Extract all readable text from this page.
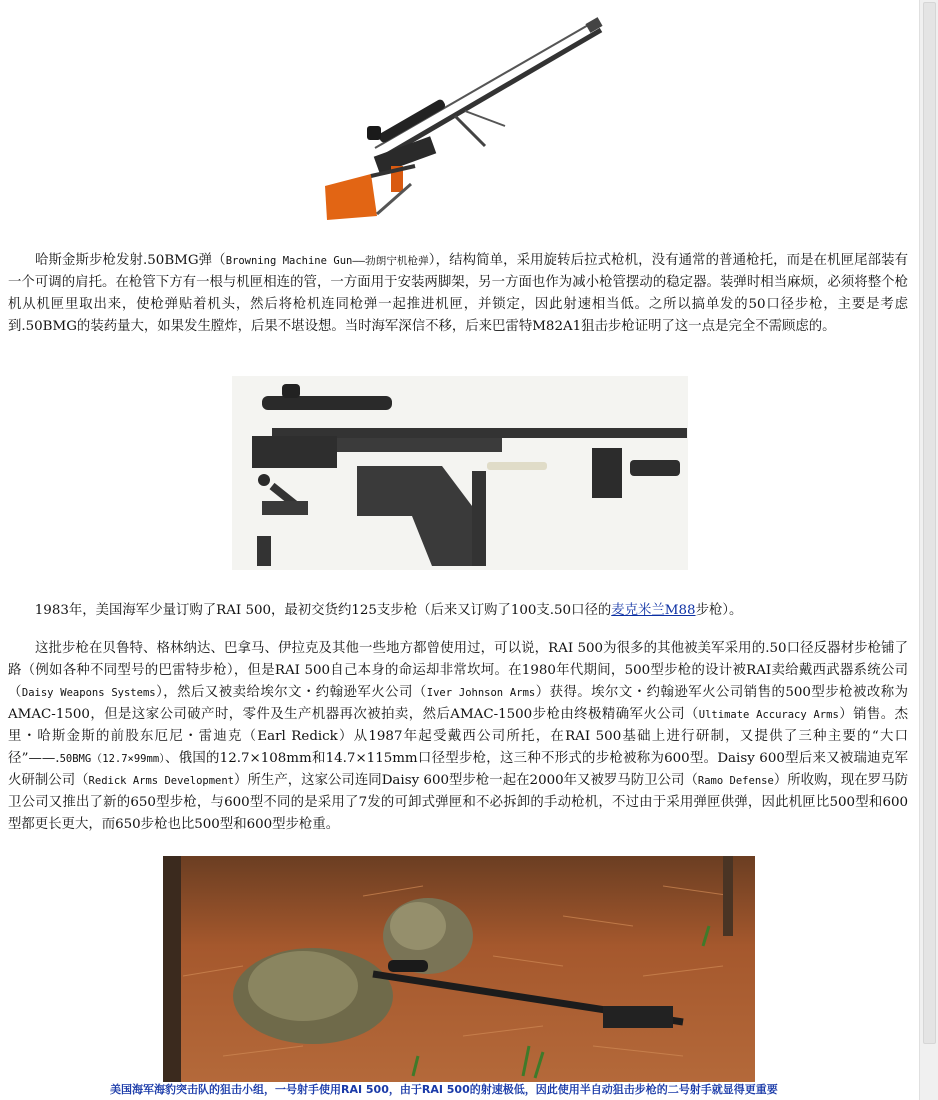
　　哈斯金斯步枪发射.50BMG弹（Browning Machine Gun——勃朗宁机枪弹），结构简单，采用旋转后拉式枪机，没有通常的普通枪托，而是在机匣尾部装有一个可调的肩托。在枪管下方有一根与机匣相连的管，一方面用于安装两脚架，另一方面也作为减小枪管摆动的稳定器。装弹时相当麻烦，必须将整个枪机从机匣里取出来，使枪弹贴着机头，然后将枪机连同枪弹一起推进机匣，并锁定，因此射速相当低。之所以搞单发的50口径步枪，主要是考虑到.50BMG的装药量大，如果发生膛炸，后果不堪设想。当时海军深信不移，后来巴雷特M82A1狙击步枪证明了这一点是完全不需顾虑的。
　　1983年，美国海军少量订购了RAI 500，最初交货约125支步枪（后来又订购了100支.50口径的麦克米兰M88步枪）。
　　这批步枪在贝鲁特、格林纳达、巴拿马、伊拉克及其他一些地方都曾使用过，可以说，RAI 500为很多的其他被美军采用的.50口径反器材步枪铺了路（例如各种不同型号的巴雷特步枪），但是RAI 500自己本身的命运却非常坎坷。在1980年代期间，500型步枪的设计被RAI卖给戴西武器系统公司（Daisy Weapons Systems），然后又被卖给埃尔文・约翰逊军火公司（Iver Johnson Arms）获得。埃尔文・约翰逊军火公司销售的500型步枪被改称为AMAC-1500，但是这家公司破产时，零件及生产机器再次被拍卖，然后AMAC-1500步枪由终极精确军火公司（Ultimate Accuracy Arms）销售。杰里・哈斯金斯的前股东厄尼・雷迪克（Earl Redick）从1987年起受戴西公司所托，在RAI 500基础上进行研制，又提供了三种主要的“大口径”——.50BMG（12.7×99mm）、俄国的12.7×108mm和14.7×115mm口径型步枪，这三种不形式的步枪被称为600型。Daisy 600型后来又被瑞迪克军火研制公司（Redick Arms Development）所生产，这家公司连同Daisy 600型步枪一起在2000年又被罗马防卫公司（Ramo Defense）所收购，现在罗马防卫公司又推出了新的650型步枪，与600型不同的是采用了7发的可卸式弹匣和不必拆卸的手动枪机，不过由于采用弹匣供弹，因此机匣比500型和600型都更长更大，而650步枪也比500型和600型步枪重。
美国海军海豹突击队的狙击小组，一号射手使用RAI 500，由于RAI 500的射速极低，因此使用半自动狙击步枪的二号射手就显得更重要
